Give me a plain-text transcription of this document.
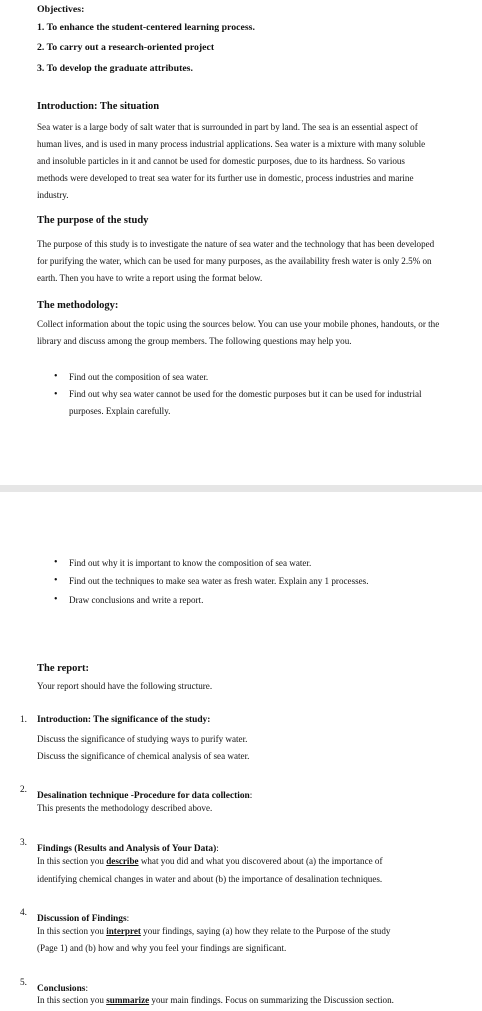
Objectives:
1. To enhance the student-centered learning process.
2. To carry out a research-oriented project
3. To develop the graduate attributes.
Introduction: The situation
Sea water is a large body of salt water that is surrounded in part by land. The sea is an essential aspect of human lives, and is used in many process industrial applications. Sea water is a mixture with many soluble and insoluble particles in it and cannot be used for domestic purposes, due to its hardness. So various methods were developed to treat sea water for its further use in domestic, process industries and marine industry.
The purpose of the study
The purpose of this study is to investigate the nature of sea water and the technology that has been developed for purifying the water, which can be used for many purposes, as the availability fresh water is only 2.5% on earth. Then you have to write a report using the format below.
The methodology:
Collect information about the topic using the sources below. You can use your mobile phones, handouts, or the library and discuss among the group members. The following questions may help you.
• Find out the composition of sea water.
• Find out why sea water cannot be used for the domestic purposes but it can be used for industrial purposes. Explain carefully.
• Find out why it is important to know the composition of sea water.
• Find out the techniques to make sea water as fresh water. Explain any 1 processes.
• Draw conclusions and write a report.
The report:
Your report should have the following structure.
1. Introduction: The significance of the study:
Discuss the significance of studying ways to purify water.
Discuss the significance of chemical analysis of sea water.
2.
Desalination technique -Procedure for data collection:
This presents the methodology described above.
3.
Findings (Results and Analysis of Your Data):
In this section you describe what you did and what you discovered about (a) the importance of
identifying chemical changes in water and about (b) the importance of desalination techniques.
4.
Discussion of Findings:
In this section you interpret your findings, saying (a) how they relate to the Purpose of the study
(Page 1) and (b) how and why you feel your findings are significant.
5.
Conclusions:
In this section you summarize your main findings. Focus on summarizing the Discussion section.
